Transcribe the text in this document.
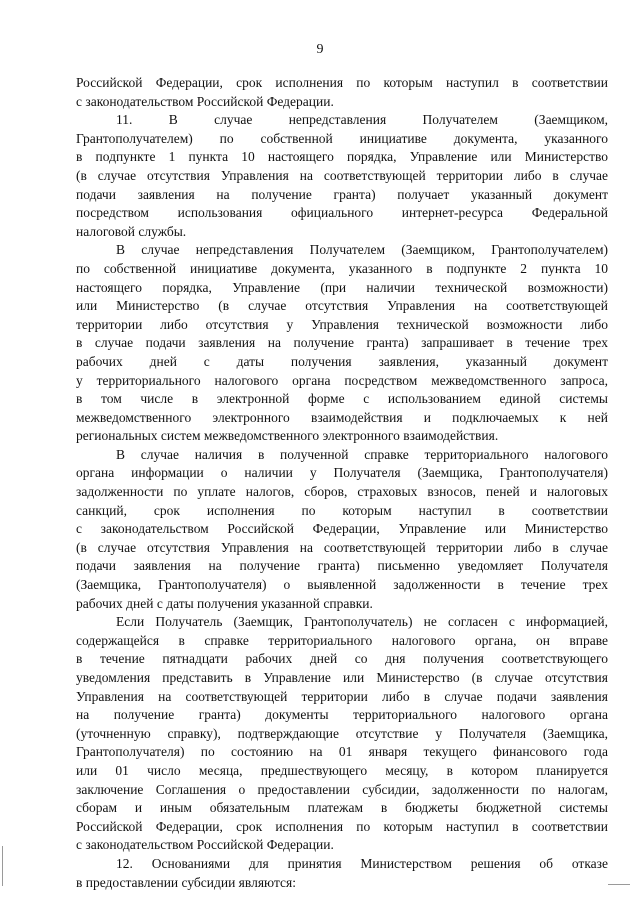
9
Российской Федерации, срок исполнения по которым наступил в соответствии
с законодательством Российской Федерации.
11. В случае непредставления Получателем (Заемщиком,
Грантополучателем) по собственной инициативе документа, указанного
в подпункте 1 пункта 10 настоящего порядка, Управление или Министерство
(в случае отсутствия Управления на соответствующей территории либо в случае
подачи заявления на получение гранта) получает указанный документ
посредством использования официального интернет-ресурса Федеральной
налоговой службы.
В случае непредставления Получателем (Заемщиком, Грантополучателем)
по собственной инициативе документа, указанного в подпункте 2 пункта 10
настоящего порядка, Управление (при наличии технической возможности)
или Министерство (в случае отсутствия Управления на соответствующей
территории либо отсутствия у Управления технической возможности либо
в случае подачи заявления на получение гранта) запрашивает в течение трех
рабочих дней с даты получения заявления, указанный документ
у территориального налогового органа посредством межведомственного запроса,
в том числе в электронной форме с использованием единой системы
межведомственного электронного взаимодействия и подключаемых к ней
региональных систем межведомственного электронного взаимодействия.
В случае наличия в полученной справке территориального налогового
органа информации о наличии у Получателя (Заемщика, Грантополучателя)
задолженности по уплате налогов, сборов, страховых взносов, пеней и налоговых
санкций, срок исполнения по которым наступил в соответствии
с законодательством Российской Федерации, Управление или Министерство
(в случае отсутствия Управления на соответствующей территории либо в случае
подачи заявления на получение гранта) письменно уведомляет Получателя
(Заемщика, Грантополучателя) о выявленной задолженности в течение трех
рабочих дней с даты получения указанной справки.
Если Получатель (Заемщик, Грантополучатель) не согласен с информацией,
содержащейся в справке территориального налогового органа, он вправе
в течение пятнадцати рабочих дней со дня получения соответствующего
уведомления представить в Управление или Министерство (в случае отсутствия
Управления на соответствующей территории либо в случае подачи заявления
на получение гранта) документы территориального налогового органа
(уточненную справку), подтверждающие отсутствие у Получателя (Заемщика,
Грантополучателя) по состоянию на 01 января текущего финансового года
или 01 число месяца, предшествующего месяцу, в котором планируется
заключение Соглашения о предоставлении субсидии, задолженности по налогам,
сборам и иным обязательным платежам в бюджеты бюджетной системы
Российской Федерации, срок исполнения по которым наступил в соответствии
с законодательством Российской Федерации.
12. Основаниями для принятия Министерством решения об отказе
в предоставлении субсидии являются:
